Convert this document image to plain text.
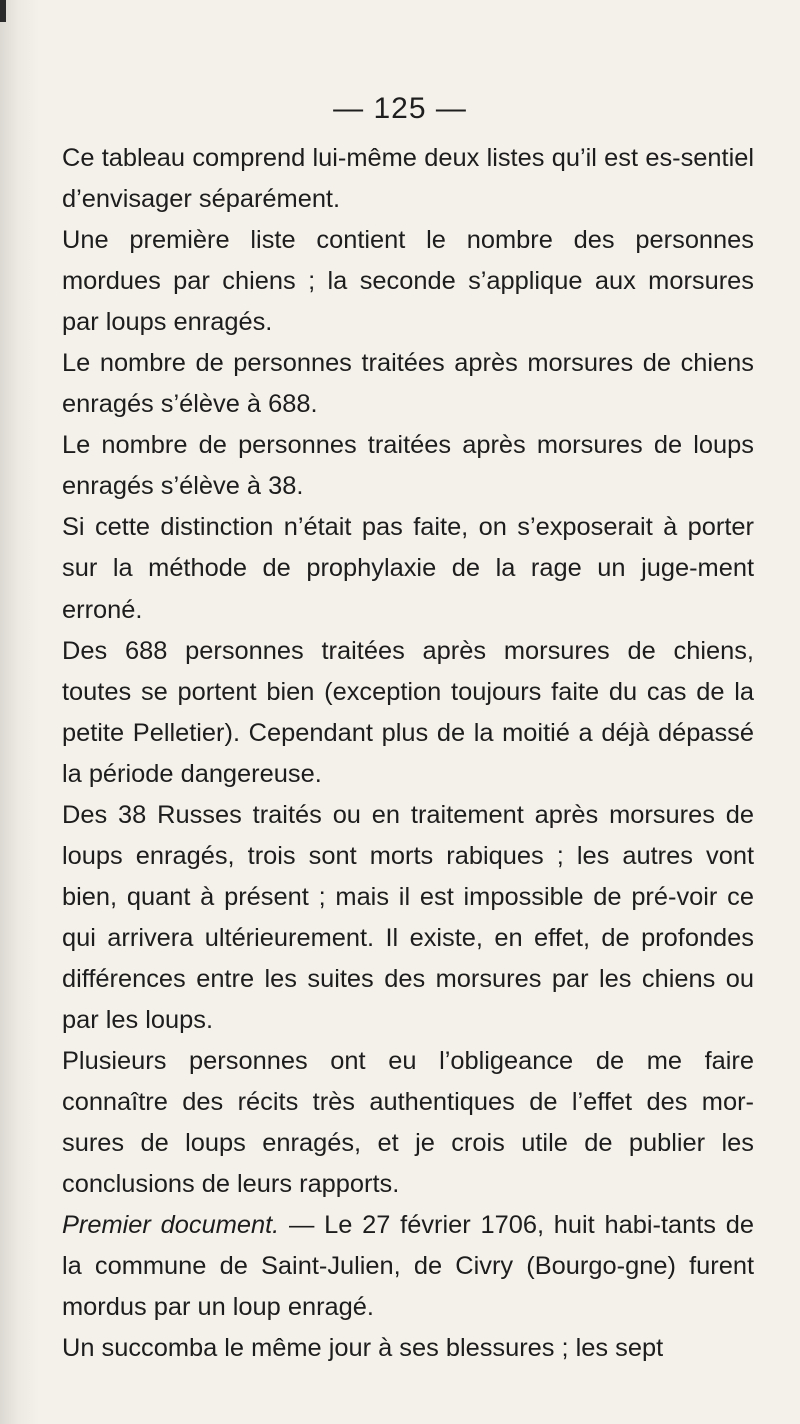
— 125 —

Ce tableau comprend lui-même deux listes qu’il est es-sentiel d’envisager séparément.

Une première liste contient le nombre des personnes mordues par chiens ; la seconde s’applique aux morsures par loups enragés.

Le nombre de personnes traitées après morsures de chiens enragés s’élève à 688.

Le nombre de personnes traitées après morsures de loups enragés s’élève à 38.

Si cette distinction n’était pas faite, on s’exposerait à porter sur la méthode de prophylaxie de la rage un juge-ment erroné.

Des 688 personnes traitées après morsures de chiens, toutes se portent bien (exception toujours faite du cas de la petite Pelletier). Cependant plus de la moitié a déjà dépassé la période dangereuse.

Des 38 Russes traités ou en traitement après morsures de loups enragés, trois sont morts rabiques ; les autres vont bien, quant à présent ; mais il est impossible de pré-voir ce qui arrivera ultérieurement. Il existe, en effet, de profondes différences entre les suites des morsures par les chiens ou par les loups.

Plusieurs personnes ont eu l’obligeance de me faire connaître des récits très authentiques de l’effet des mor-sures de loups enragés, et je crois utile de publier les conclusions de leurs rapports.

Premier document. — Le 27 février 1706, huit habi-tants de la commune de Saint-Julien, de Civry (Bourgo-gne) furent mordus par un loup enragé.

Un succomba le même jour à ses blessures ; les sept
